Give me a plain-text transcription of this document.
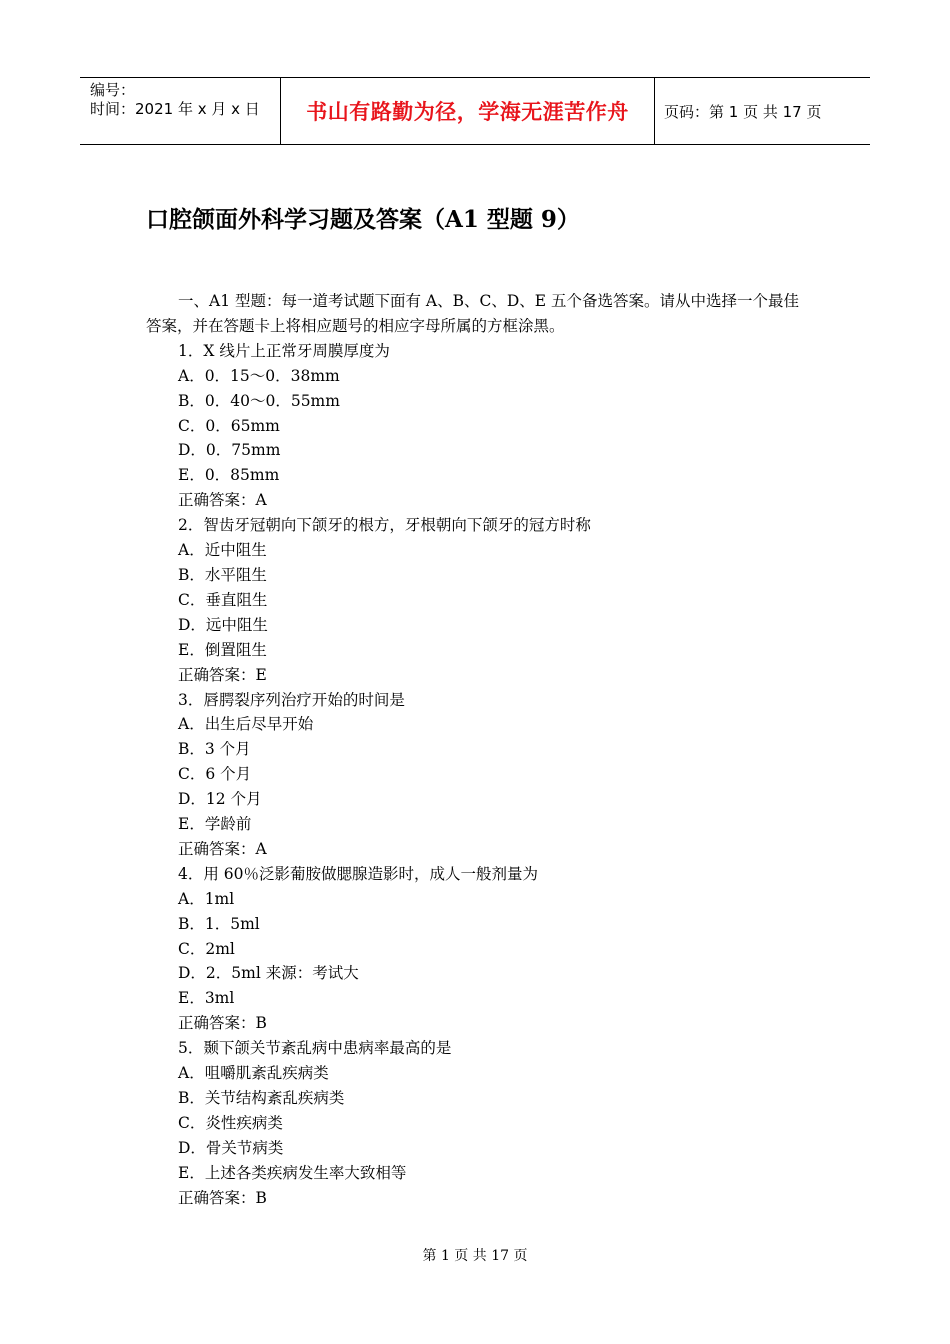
编号：
时间：2021 年 x 月 x 日	书山有路勤为径，学海无涯苦作舟	页码：第 1 页 共 17 页
口腔颌面外科学习题及答案（A1 型题 9）

一、A1 型题：每一道考试题下面有 A、B、C、D、E 五个备选答案。请从中选择一个最佳答案，并在答题卡上将相应题号的相应字母所属的方框涂黑。

1．X 线片上正常牙周膜厚度为
A．0．15～0．38mm
B．0．40～0．55mm
C．0．65mm
D．0．75mm
E．0．85mm
正确答案：A
2．智齿牙冠朝向下颌牙的根方，牙根朝向下颌牙的冠方时称
A．近中阻生
B．水平阻生
C．垂直阻生
D．远中阻生
E．倒置阻生
正确答案：E
3．唇腭裂序列治疗开始的时间是
A．出生后尽早开始
B．3 个月
C．6 个月
D．12 个月
E．学龄前
正确答案：A
4．用 60％泛影葡胺做腮腺造影时，成人一般剂量为
A．1ml
B．1．5ml
C．2ml
D．2．5ml 来源：考试大
E．3ml
正确答案：B
5．颞下颌关节紊乱病中患病率最高的是
A．咀嚼肌紊乱疾病类
B．关节结构紊乱疾病类
C．炎性疾病类
D．骨关节病类
E．上述各类疾病发生率大致相等
正确答案：B
第 1 页 共 17 页
